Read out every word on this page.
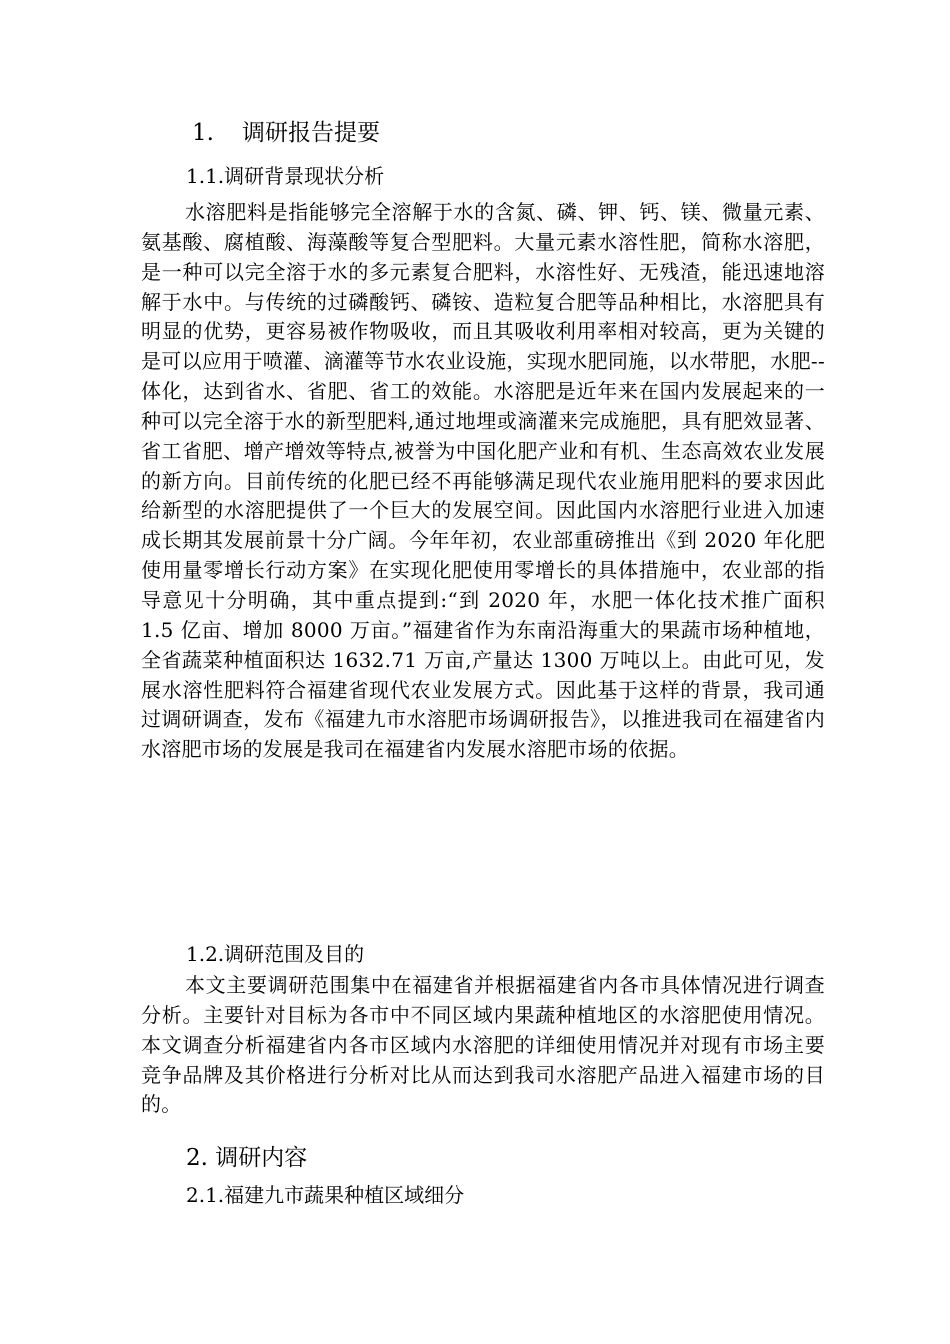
1. 调研报告提要
1.1.调研背景现状分析

水溶肥料是指能够完全溶解于水的含氮、磷、钾、钙、镁、微量元素、氨基酸、腐植酸、海藻酸等复合型肥料。大量元素水溶性肥，简称水溶肥，是一种可以完全溶于水的多元素复合肥料，水溶性好、无残渣，能迅速地溶解于水中。与传统的过磷酸钙、磷铵、造粒复合肥等品种相比，水溶肥具有明显的优势，更容易被作物吸收，而且其吸收利用率相对较高，更为关键的是可以应用于喷灌、滴灌等节水农业设施，实现水肥同施，以水带肥，水肥--体化，达到省水、省肥、省工的效能。水溶肥是近年来在国内发展起来的一种可以完全溶于水的新型肥料,通过地埋或滴灌来完成施肥，具有肥效显著、省工省肥、增产增效等特点,被誉为中国化肥产业和有机、生态高效农业发展的新方向。目前传统的化肥已经不再能够满足现代农业施用肥料的要求因此给新型的水溶肥提供了一个巨大的发展空间。因此国内水溶肥行业进入加速成长期其发展前景十分广阔。今年年初，农业部重磅推出《到 2020 年化肥使用量零增长行动方案》在实现化肥使用零增长的具体措施中，农业部的指导意见十分明确，其中重点提到:“到 2020 年，水肥一体化技术推广面积 1.5 亿亩、增加 8000 万亩。”福建省作为东南沿海重大的果蔬市场种植地，全省蔬菜种植面积达 1632.71 万亩,产量达 1300 万吨以上。由此可见，发展水溶性肥料符合福建省现代农业发展方式。因此基于这样的背景，我司通过调研调查，发布《福建九市水溶肥市场调研报告》，以推进我司在福建省内水溶肥市场的发展是我司在福建省内发展水溶肥市场的依据。

1.2.调研范围及目的

本文主要调研范围集中在福建省并根据福建省内各市具体情况进行调查分析。主要针对目标为各市中不同区域内果蔬种植地区的水溶肥使用情况。本文调查分析福建省内各市区域内水溶肥的详细使用情况并对现有市场主要竞争品牌及其价格进行分析对比从而达到我司水溶肥产品进入福建市场的目的。

2. 调研内容
2.1.福建九市蔬果种植区域细分
